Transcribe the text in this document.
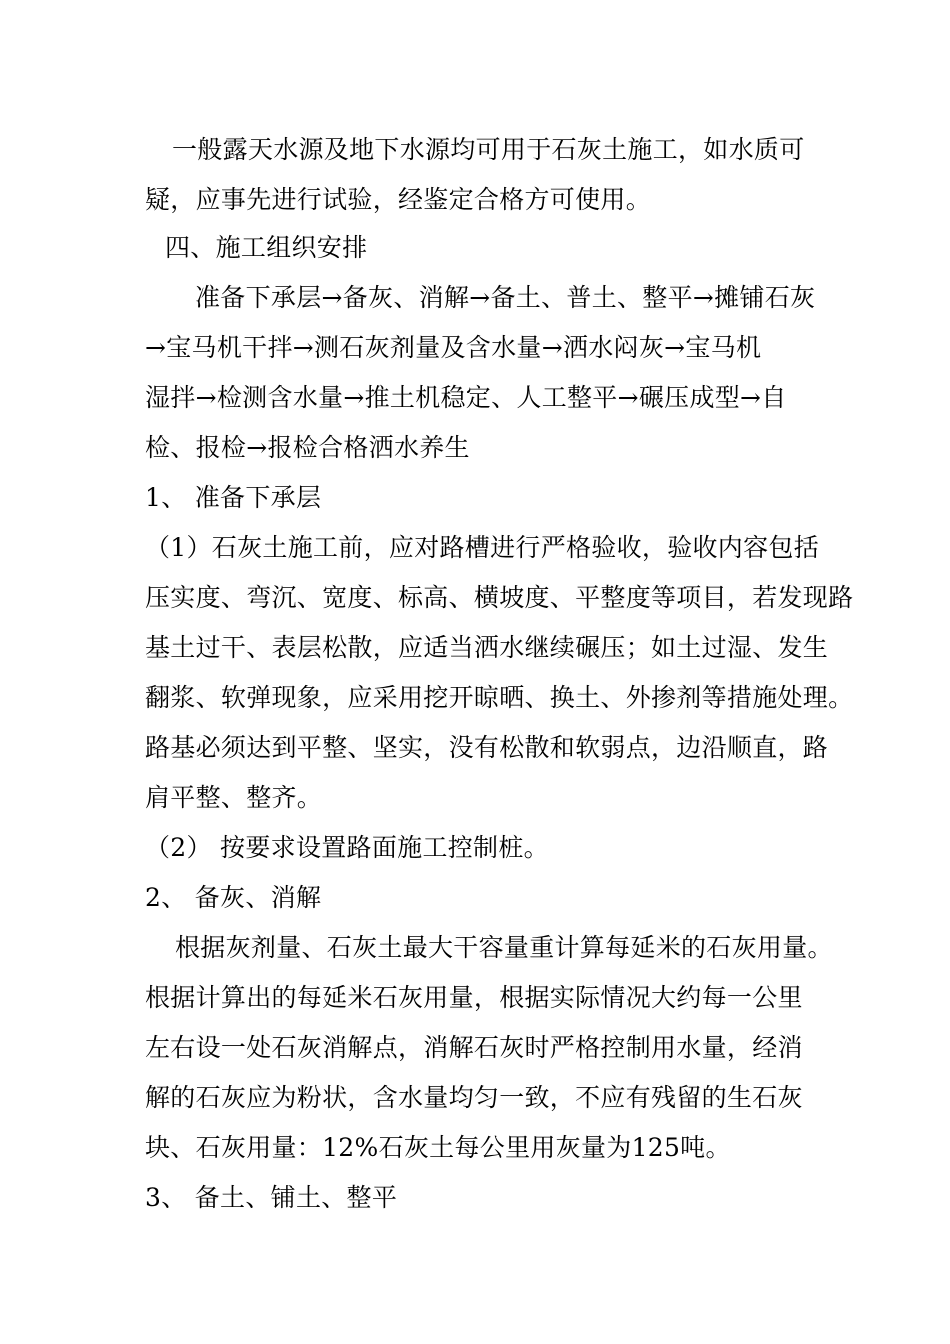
一般露天水源及地下水源均可用于石灰土施工，如水质可
疑，应事先进行试验，经鉴定合格方可使用。
四、施工组织安排
准备下承层→备灰、消解→备土、普土、整平→摊铺石灰
→宝马机干拌→测石灰剂量及含水量→洒水闷灰→宝马机
湿拌→检测含水量→推土机稳定、人工整平→碾压成型→自
检、报检→报检合格洒水养生
1、 准备下承层
（1）石灰土施工前，应对路槽进行严格验收，验收内容包括
压实度、弯沉、宽度、标高、横坡度、平整度等项目，若发现路
基土过干、表层松散，应适当洒水继续碾压；如土过湿、发生
翻浆、软弹现象，应采用挖开晾晒、换土、外掺剂等措施处理。
路基必须达到平整、坚实，没有松散和软弱点，边沿顺直，路
肩平整、整齐。
（2） 按要求设置路面施工控制桩。
2、 备灰、消解
根据灰剂量、石灰土最大干容量重计算每延米的石灰用量。
根据计算出的每延米石灰用量，根据实际情况大约每一公里
左右设一处石灰消解点，消解石灰时严格控制用水量，经消
解的石灰应为粉状，含水量均匀一致，不应有残留的生石灰
块、石灰用量：12%石灰土每公里用灰量为125吨。
3、 备土、铺土、整平
